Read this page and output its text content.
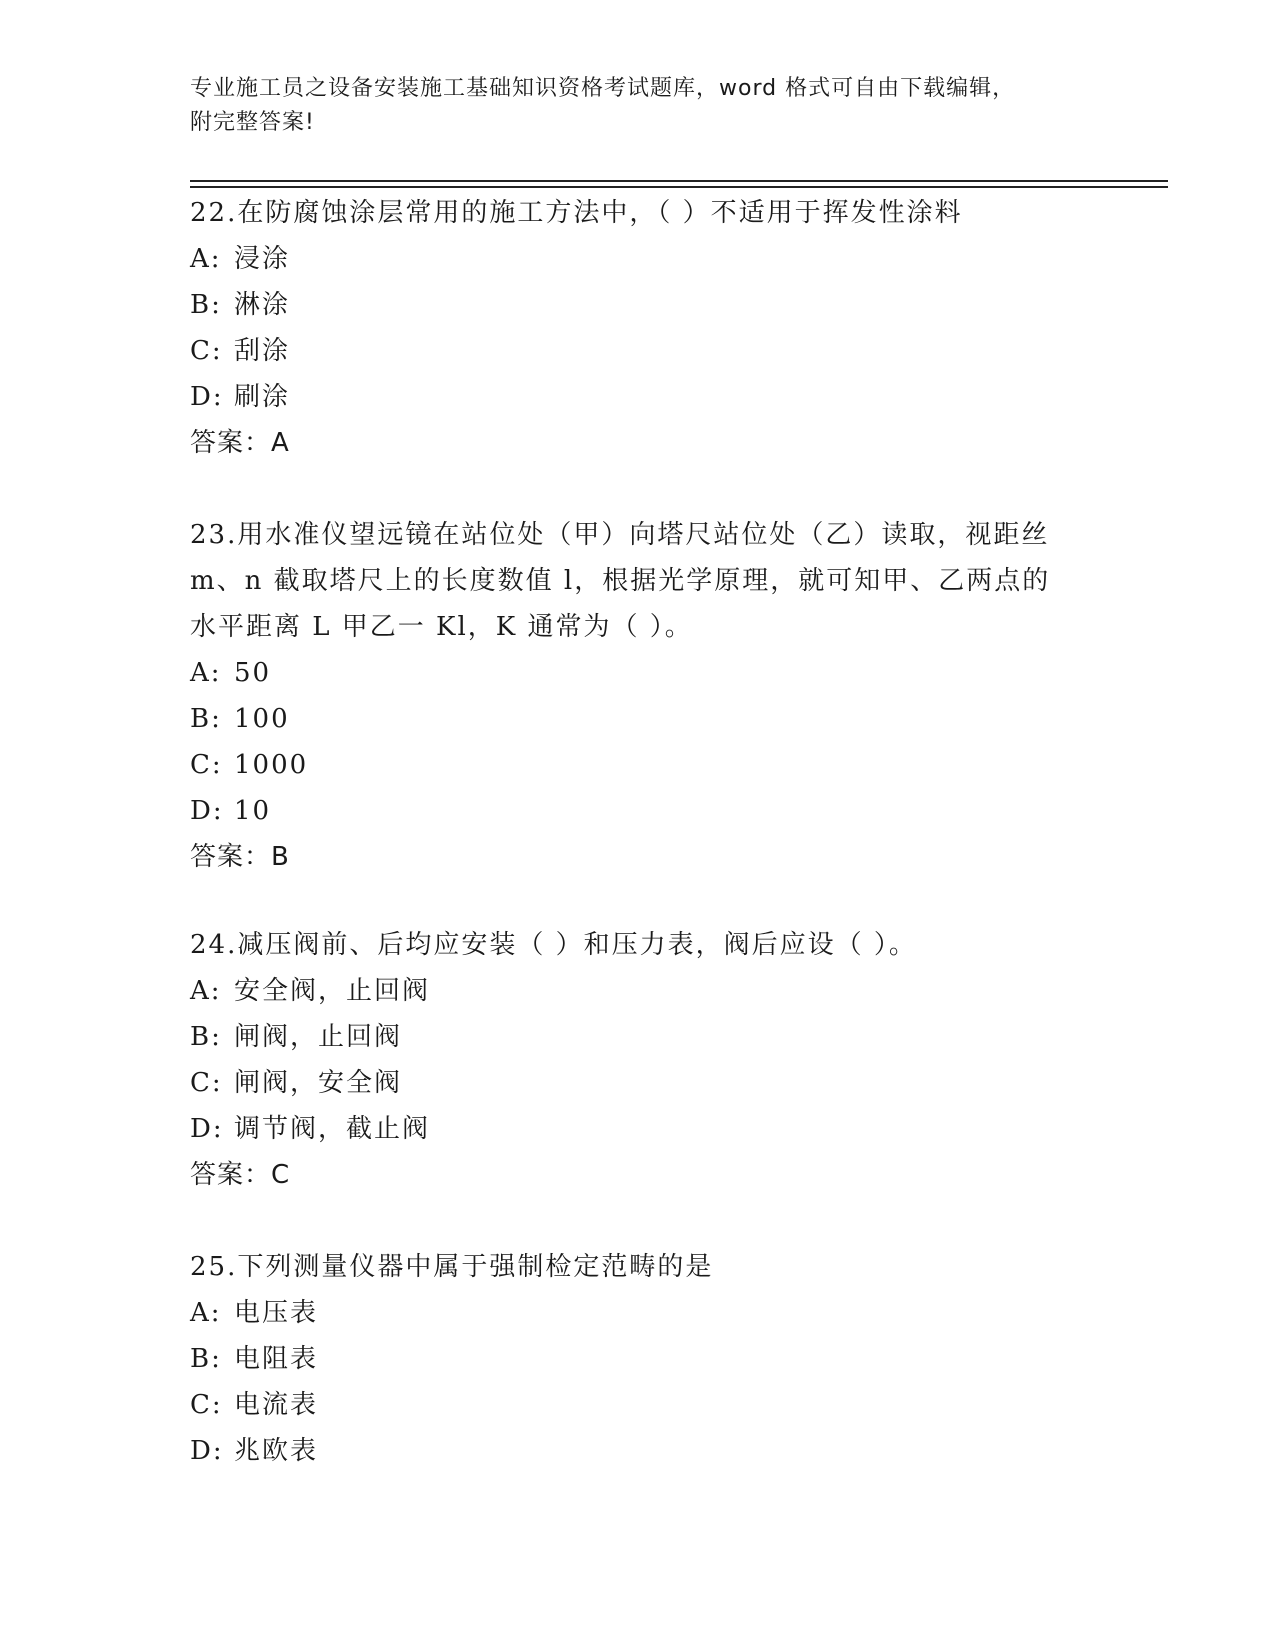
专业施工员之设备安装施工基础知识资格考试题库，word 格式可自由下载编辑，
附完整答案!
22.在防腐蚀涂层常用的施工方法中，（ ）不适用于挥发性涂料
A: 浸涂
B: 淋涂
C: 刮涂
D: 刷涂
答案：A
23.用水准仪望远镜在站位处（甲）向塔尺站位处（乙）读取，视距丝
m、n 截取塔尺上的长度数值 l，根据光学原理，就可知甲、乙两点的
水平距离 L 甲乙一 Kl，K 通常为（ ）。
A: 50
B: 100
C: 1000
D: 10
答案：B
24.减压阀前、后均应安装（ ）和压力表，阀后应设（ ）。
A: 安全阀，止回阀
B: 闸阀，止回阀
C: 闸阀，安全阀
D: 调节阀，截止阀
答案：C
25.下列测量仪器中属于强制检定范畴的是
A: 电压表
B: 电阻表
C: 电流表
D: 兆欧表
